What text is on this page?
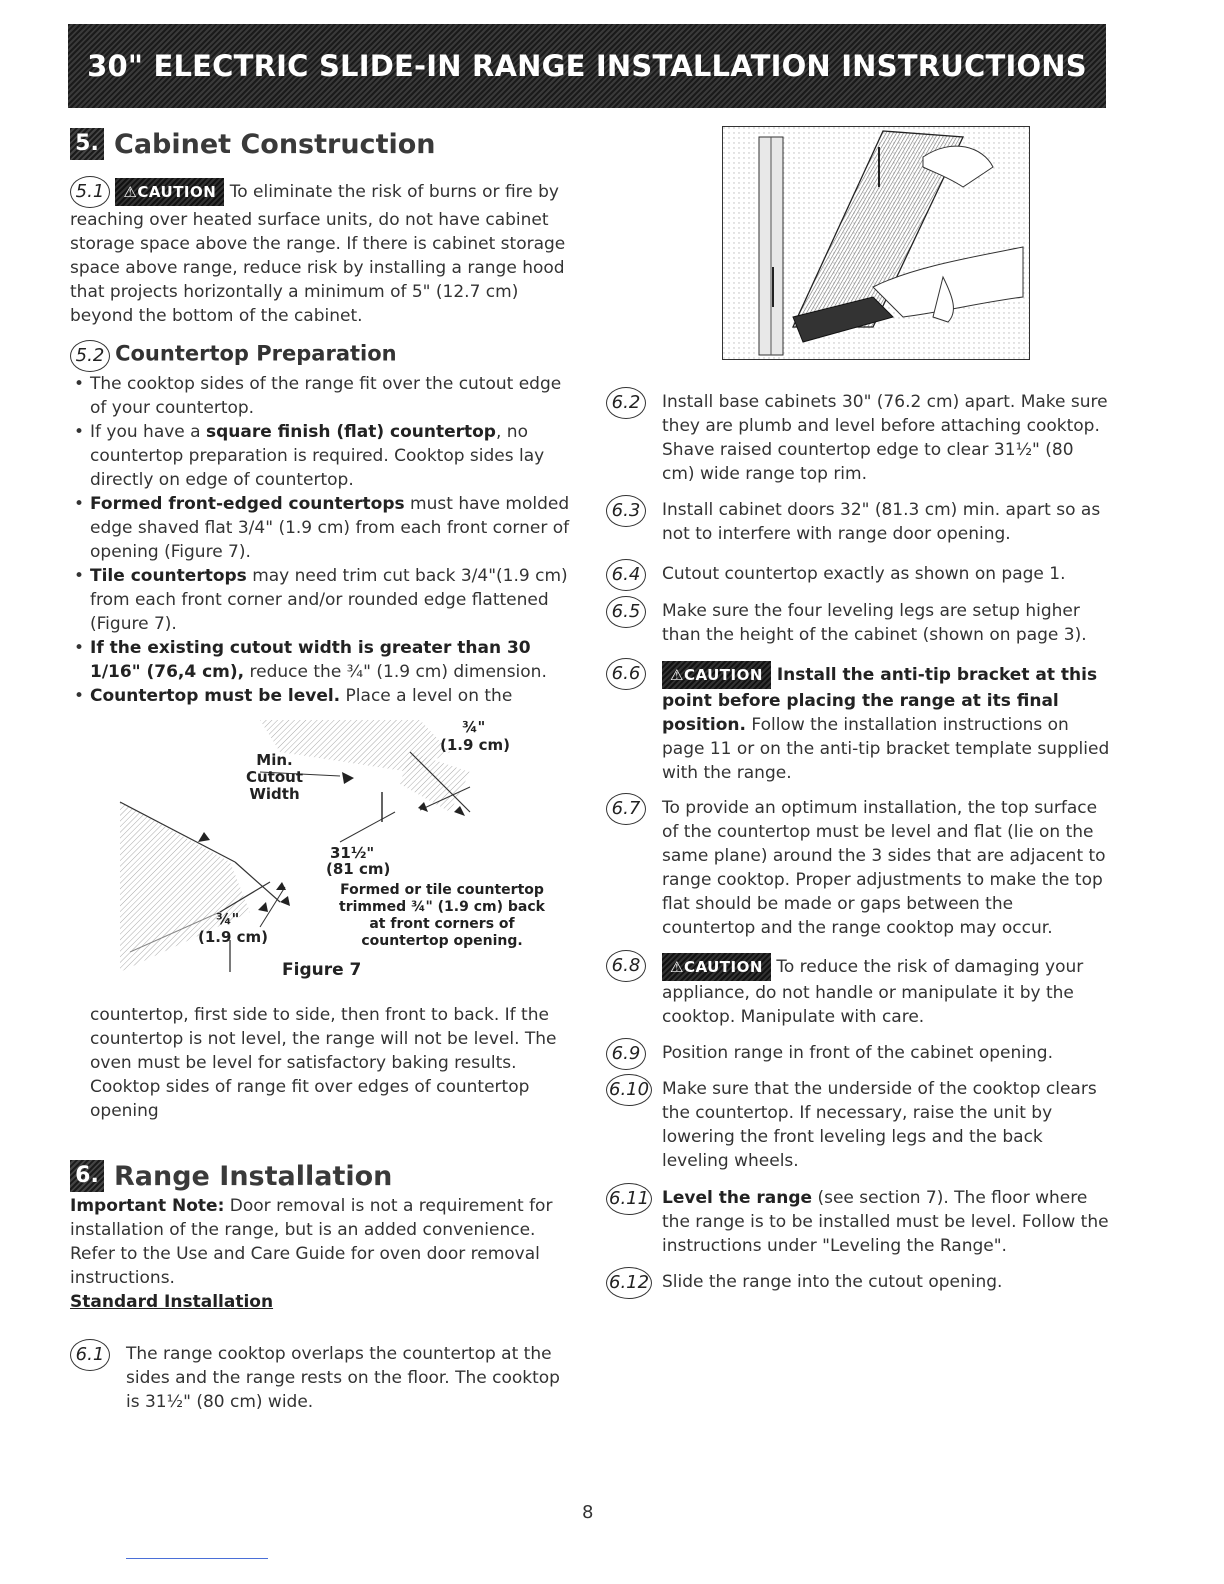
30" ELECTRIC SLIDE-IN RANGE INSTALLATION INSTRUCTIONS
5. Cabinet Construction
5.1 ⚠CAUTION To eliminate the risk of burns or fire by reaching over heated surface units, do not have cabinet storage space above the range. If there is cabinet storage space above range, reduce risk by installing a range hood that projects horizontally a minimum of 5" (12.7 cm) beyond the bottom of the cabinet.
5.2 Countertop Preparation
• The cooktop sides of the range fit over the cutout edge of your countertop.
• If you have a square finish (flat) countertop, no countertop preparation is required. Cooktop sides lay directly on edge of countertop.
• Formed front-edged countertops must have molded edge shaved flat 3/4" (1.9 cm) from each front corner of opening (Figure 7).
• Tile countertops may need trim cut back 3/4"(1.9 cm) from each front corner and/or rounded edge flattened (Figure 7).
• If the existing cutout width is greater than 30 1/16" (76,4 cm), reduce the ¾" (1.9 cm) dimension.
• Countertop must be level. Place a level on the
Min.
Cutout
Width
¾"
(1.9 cm)
31½"
(81 cm)
¾"
(1.9 cm)
Formed or tile countertop trimmed ¾" (1.9 cm) back at front corners of countertop opening.
Figure 7
countertop, first side to side, then front to back. If the countertop is not level, the range will not be level. The oven must be level for satisfactory baking results. Cooktop sides of range fit over edges of countertop opening
6. Range Installation
Important Note: Door removal is not a requirement for installation of the range, but is an added convenience. Refer to the Use and Care Guide for oven door removal instructions.
Standard Installation
6.1	The range cooktop overlaps the countertop at the sides and the range rests on the floor. The cooktop is 31½" (80 cm) wide.
6.2	Install base cabinets 30" (76.2 cm) apart. Make sure they are plumb and level before attaching cooktop. Shave raised countertop edge to clear 31½" (80 cm) wide range top rim.
6.3	Install cabinet doors 32" (81.3 cm) min. apart so as not to interfere with range door opening.
6.4	Cutout countertop exactly as shown on page 1.
6.5	Make sure the four leveling legs are setup higher than the height of the cabinet (shown on page 3).
6.6	⚠CAUTION Install the anti-tip bracket at this point before placing the range at its final position. Follow the installation instructions on page 11 or on the anti-tip bracket template supplied with the range.
6.7	To provide an optimum installation, the top surface of the countertop must be level and flat (lie on the same plane) around the 3 sides that are adjacent to range cooktop. Proper adjustments to make the top flat should be made or gaps between the countertop and the range cooktop may occur.
6.8	⚠CAUTION To reduce the risk of damaging your appliance, do not handle or manipulate it by the cooktop. Manipulate with care.
6.9	Position range in front of the cabinet opening.
6.10 Make sure that the underside of the cooktop clears the countertop. If necessary, raise the unit by lowering the front leveling legs and the back leveling wheels.
6.11 Level the range (see section 7). The floor where the range is to be installed must be level. Follow the instructions under "Leveling the Range".
6.12 Slide the range into the cutout opening.
8
